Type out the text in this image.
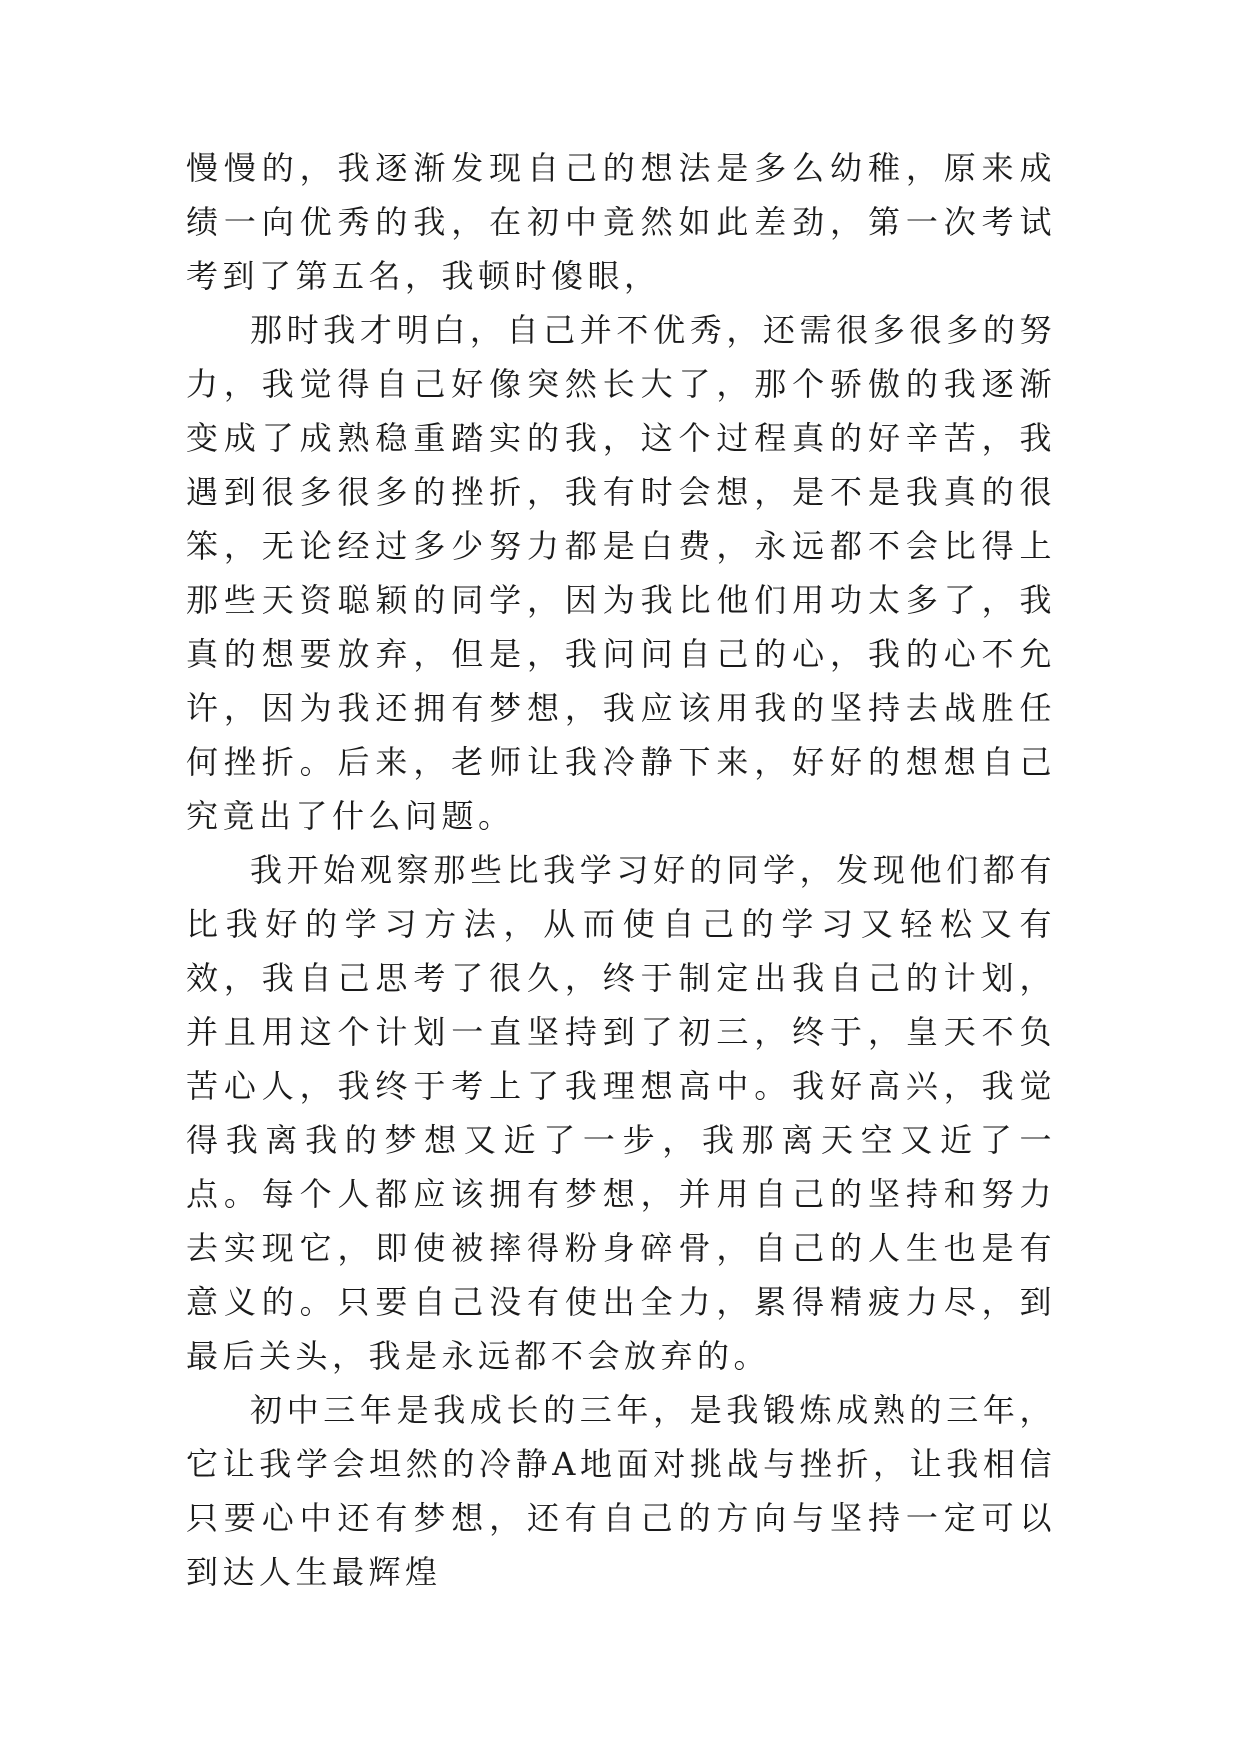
慢慢的，我逐渐发现自己的想法是多么幼稚，原来成绩一向优秀的我，在初中竟然如此差劲，第一次考试考到了第五名，我顿时傻眼，

那时我才明白，自己并不优秀，还需很多很多的努力，我觉得自己好像突然长大了，那个骄傲的我逐渐变成了成熟稳重踏实的我，这个过程真的好辛苦，我遇到很多很多的挫折，我有时会想，是不是我真的很笨，无论经过多少努力都是白费，永远都不会比得上那些天资聪颖的同学，因为我比他们用功太多了，我真的想要放弃，但是，我问问自己的心，我的心不允许，因为我还拥有梦想，我应该用我的坚持去战胜任何挫折。后来，老师让我冷静下来，好好的想想自己究竟出了什么问题。

我开始观察那些比我学习好的同学，发现他们都有比我好的学习方法，从而使自己的学习又轻松又有效，我自己思考了很久，终于制定出我自己的计划，并且用这个计划一直坚持到了初三，终于，皇天不负苦心人，我终于考上了我理想高中。我好高兴，我觉得我离我的梦想又近了一步，我那离天空又近了一点。每个人都应该拥有梦想，并用自己的坚持和努力去实现它，即使被摔得粉身碎骨，自己的人生也是有意义的。只要自己没有使出全力，累得精疲力尽，到最后关头，我是永远都不会放弃的。

初中三年是我成长的三年，是我锻炼成熟的三年，它让我学会坦然的冷静A地面对挑战与挫折，让我相信只要心中还有梦想，还有自己的方向与坚持一定可以到达人生最辉煌
